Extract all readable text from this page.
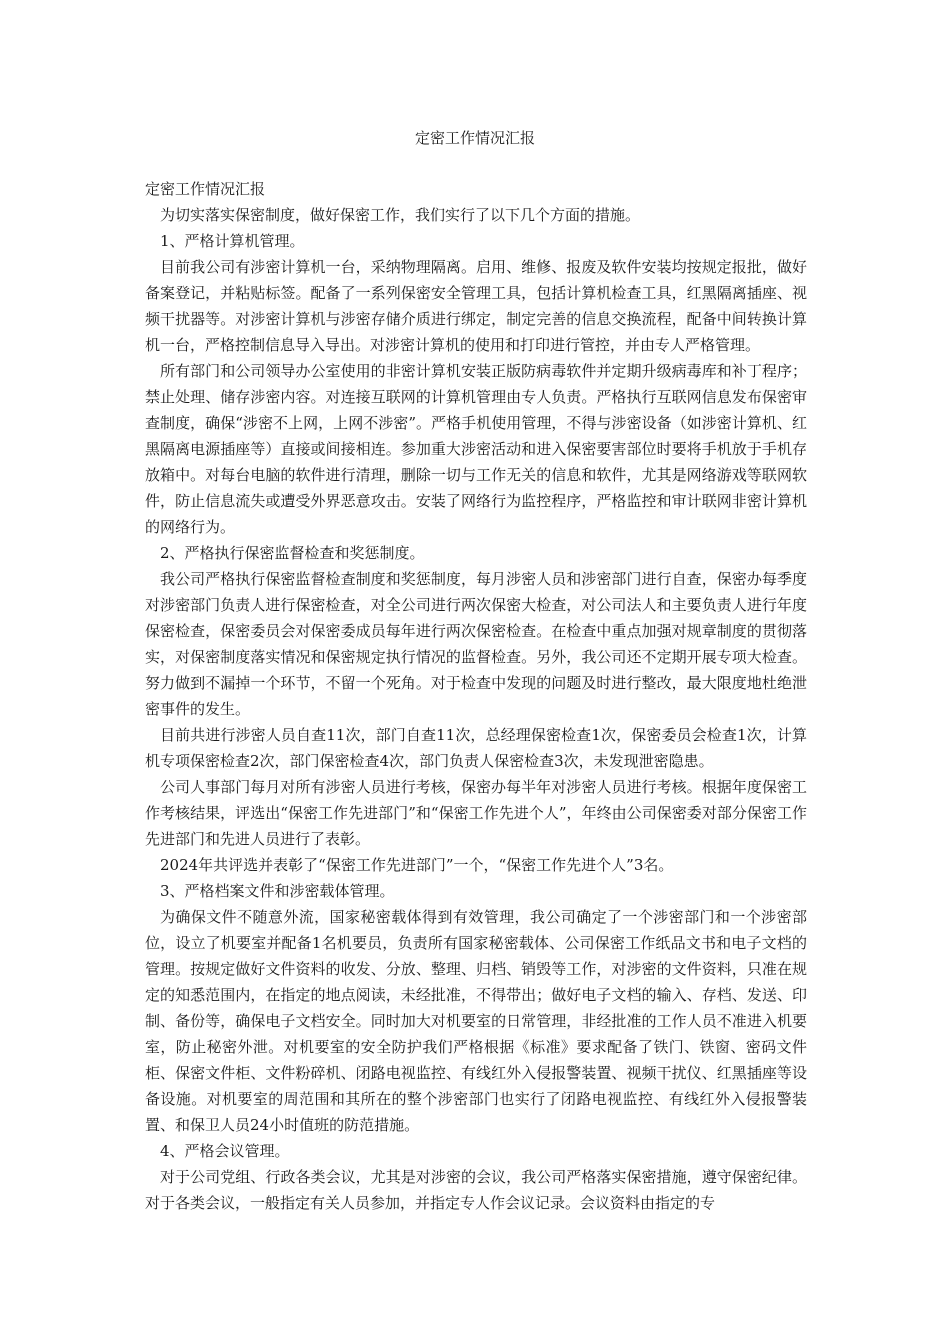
定密工作情况汇报

定密工作情况汇报

为切实落实保密制度，做好保密工作，我们实行了以下几个方面的措施。

1、严格计算机管理。

目前我公司有涉密计算机一台，采纳物理隔离。启用、维修、报废及软件安装均按规定报批，做好备案登记，并粘贴标签。配备了一系列保密安全管理工具，包括计算机检查工具，红黑隔离插座、视频干扰器等。对涉密计算机与涉密存储介质进行绑定，制定完善的信息交换流程，配备中间转换计算机一台，严格控制信息导入导出。对涉密计算机的使用和打印进行管控，并由专人严格管理。

所有部门和公司领导办公室使用的非密计算机安装正版防病毒软件并定期升级病毒库和补丁程序；禁止处理、储存涉密内容。对连接互联网的计算机管理由专人负责。严格执行互联网信息发布保密审查制度，确保“涉密不上网，上网不涉密”。严格手机使用管理，不得与涉密设备（如涉密计算机、红黑隔离电源插座等）直接或间接相连。参加重大涉密活动和进入保密要害部位时要将手机放于手机存放箱中。对每台电脑的软件进行清理，删除一切与工作无关的信息和软件，尤其是网络游戏等联网软件，防止信息流失或遭受外界恶意攻击。安装了网络行为监控程序，严格监控和审计联网非密计算机的网络行为。

2、严格执行保密监督检查和奖惩制度。

我公司严格执行保密监督检查制度和奖惩制度，每月涉密人员和涉密部门进行自查，保密办每季度对涉密部门负责人进行保密检查，对全公司进行两次保密大检查，对公司法人和主要负责人进行年度保密检查，保密委员会对保密委成员每年进行两次保密检查。在检查中重点加强对规章制度的贯彻落实，对保密制度落实情况和保密规定执行情况的监督检查。另外，我公司还不定期开展专项大检查。努力做到不漏掉一个环节，不留一个死角。对于检查中发现的问题及时进行整改，最大限度地杜绝泄密事件的发生。

目前共进行涉密人员自查11次，部门自查11次，总经理保密检查1次，保密委员会检查1次，计算机专项保密检查2次，部门保密检查4次，部门负责人保密检查3次，未发现泄密隐患。

公司人事部门每月对所有涉密人员进行考核，保密办每半年对涉密人员进行考核。根据年度保密工作考核结果，评选出“保密工作先进部门”和“保密工作先进个人”，年终由公司保密委对部分保密工作先进部门和先进人员进行了表彰。

2024年共评选并表彰了“保密工作先进部门”一个，“保密工作先进个人”3名。

3、严格档案文件和涉密载体管理。

为确保文件不随意外流，国家秘密载体得到有效管理，我公司确定了一个涉密部门和一个涉密部位，设立了机要室并配备1名机要员，负责所有国家秘密载体、公司保密工作纸品文书和电子文档的管理。按规定做好文件资料的收发、分放、整理、归档、销毁等工作，对涉密的文件资料，只准在规定的知悉范围内，在指定的地点阅读，未经批准，不得带出；做好电子文档的输入、存档、发送、印制、备份等，确保电子文档安全。同时加大对机要室的日常管理，非经批准的工作人员不准进入机要室，防止秘密外泄。对机要室的安全防护我们严格根据《标准》要求配备了铁门、铁窗、密码文件柜、保密文件柜、文件粉碎机、闭路电视监控、有线红外入侵报警装置、视频干扰仪、红黑插座等设备设施。对机要室的周范围和其所在的整个涉密部门也实行了闭路电视监控、有线红外入侵报警装置、和保卫人员24小时值班的防范措施。

4、严格会议管理。

对于公司党组、行政各类会议，尤其是对涉密的会议，我公司严格落实保密措施，遵守保密纪律。对于各类会议，一般指定有关人员参加，并指定专人作会议记录。会议资料由指定的专
